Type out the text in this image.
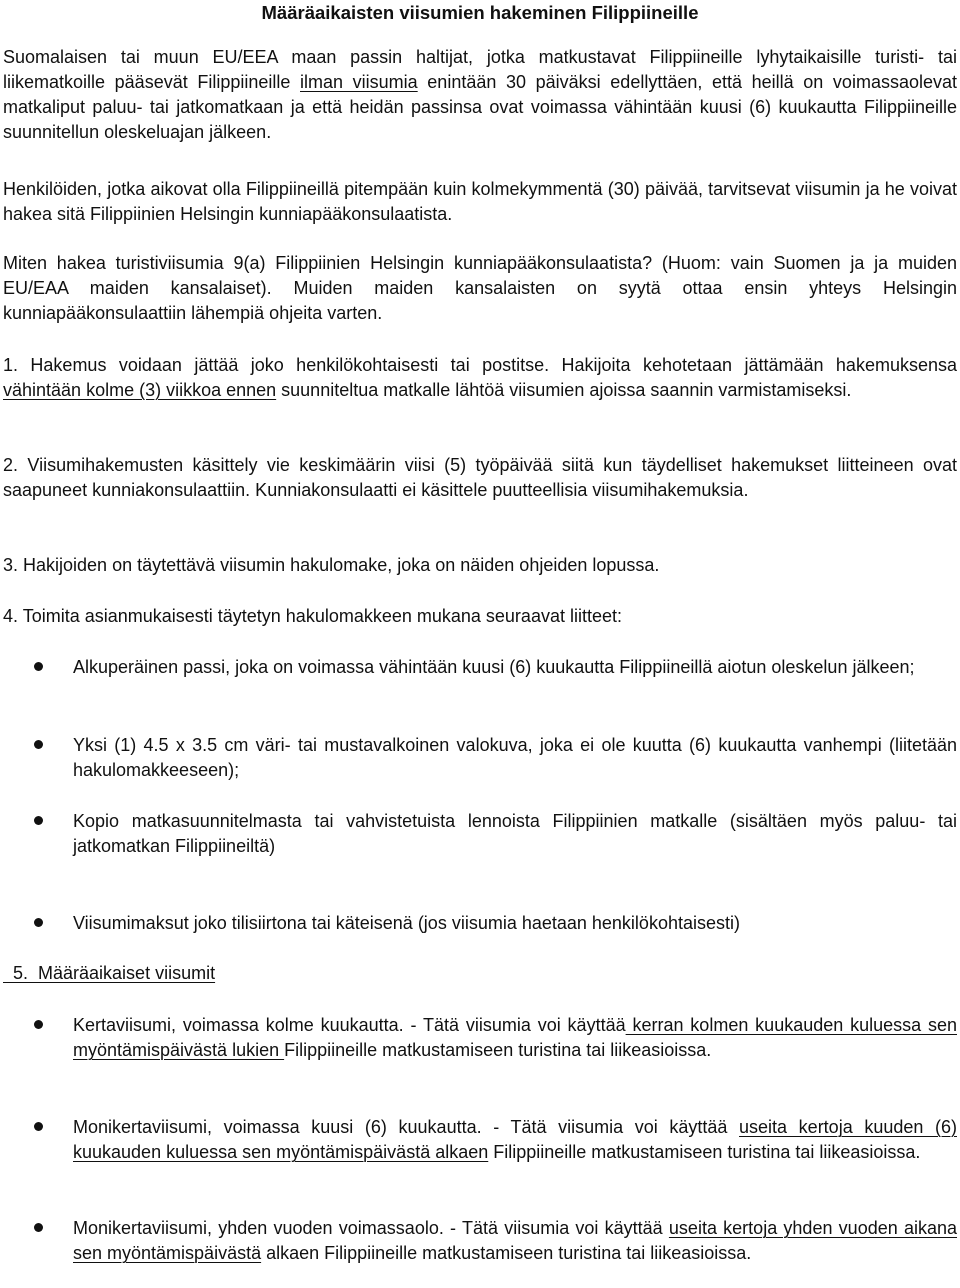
Määräaikaisten viisumien hakeminen Filippiineille

Suomalaisen tai muun EU/EEA maan passin haltijat, jotka matkustavat Filippiineille lyhytaikaisille turisti- tai liikematkoille pääsevät Filippiineille ilman viisumia enintään 30 päiväksi edellyttäen, että heillä on voimassaolevat matkaliput paluu- tai jatkomatkaan ja että heidän passinsa ovat voimassa vähintään kuusi (6) kuukautta Filippiineille suunnitellun oleskeluajan jälkeen.

Henkilöiden, jotka aikovat olla Filippiineillä pitempään kuin kolmekymmentä (30) päivää, tarvitsevat viisumin ja he voivat hakea sitä Filippiinien Helsingin kunniapääkonsulaatista.

Miten hakea turistiviisumia 9(a) Filippiinien Helsingin kunniapääkonsulaatista? (Huom: vain Suomen ja ja muiden EU/EAA maiden kansalaiset). Muiden maiden kansalaisten on syytä ottaa ensin yhteys Helsingin kunniapääkonsulaattiin lähempiä ohjeita varten.

1. Hakemus voidaan jättää joko henkilökohtaisesti tai postitse. Hakijoita kehotetaan jättämään hakemuksensa vähintään kolme (3) viikkoa ennen suunniteltua matkalle lähtöä viisumien ajoissa saannin varmistamiseksi.

2. Viisumihakemusten käsittely vie keskimäärin viisi (5) työpäivää siitä kun täydelliset hakemukset liitteineen ovat saapuneet kunniakonsulaattiin. Kunniakonsulaatti ei käsittele puutteellisia viisumihakemuksia.

3. Hakijoiden on täytettävä viisumin hakulomake, joka on näiden ohjeiden lopussa.

4. Toimita asianmukaisesti täytetyn hakulomakkeen mukana seuraavat liitteet:

Alkuperäinen passi, joka on voimassa vähintään kuusi (6) kuukautta Filippiineillä aiotun oleskelun jälkeen;

Yksi (1) 4.5 x 3.5 cm väri- tai mustavalkoinen valokuva, joka ei ole kuutta (6) kuukautta vanhempi (liitetään hakulomakkeeseen);

Kopio matkasuunnitelmasta tai vahvistetuista lennoista Filippiinien matkalle (sisältäen myös paluu- tai jatkomatkan Filippiineiltä)

Viisumimaksut joko tilisiirtona tai käteisenä (jos viisumia haetaan henkilökohtaisesti)

5.  Määräaikaiset viisumit

Kertaviisumi, voimassa kolme kuukautta. - Tätä viisumia voi käyttää kerran kolmen kuukauden kuluessa sen myöntämispäivästä lukien Filippiineille matkustamiseen turistina tai liikeasioissa.

Monikertaviisumi, voimassa kuusi (6) kuukautta. - Tätä viisumia voi käyttää useita kertoja kuuden (6) kuukauden kuluessa sen myöntämispäivästä alkaen Filippiineille matkustamiseen turistina tai liikeasioissa.

Monikertaviisumi, yhden vuoden voimassaolo. - Tätä viisumia voi käyttää useita kertoja yhden vuoden aikana sen myöntämispäivästä alkaen Filippiineille matkustamiseen turistina tai liikeasioissa.
